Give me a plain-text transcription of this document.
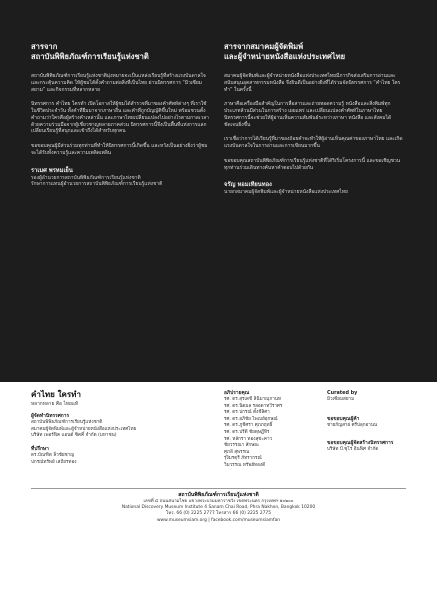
สารจาก

สถาบันพิพิธภัณฑ์การเรียนรู้แห่งชาติ

สถาบันพิพิธภัณฑ์การเรียนรู้แห่งชาติมุ่งหมายจะเป็นแหล่งเรียนรู้ที่สร้างแรงบันดาลใจและกระตุ้นความคิด ให้ผู้ชมได้ตั้งคำถามต่อสิ่งที่เป็นไทย ผ่านนิทรรศการ “มิวเซียมสยาม” และกิจกรรมที่หลากหลาย

นิทรรศการ คำไทย ใครทำ เปิดโอกาสให้ผู้ชมได้สำรวจที่มาของคำศัพท์ต่างๆ ที่เราใช้ในชีวิตประจำวัน ทั้งคำที่ยืมมาจากภาษาอื่น และคำที่ถูกบัญญัติขึ้นใหม่ พร้อมชวนตั้งคำถามว่าใครคือผู้สร้างคำเหล่านั้น และภาษาไทยเปลี่ยนแปลงไปอย่างไรตามกาลเวลา ด้วยความร่วมมือจากผู้เชี่ยวชาญหลายภาคส่วน นิทรรศการนี้จึงเป็นพื้นที่แห่งการแลกเปลี่ยนเรียนรู้ที่สนุกและเข้าถึงได้สำหรับทุกคน

ขอขอบคุณผู้มีส่วนร่วมทุกท่านที่ทำให้นิทรรศการนี้เกิดขึ้น และหวังเป็นอย่างยิ่งว่าผู้ชมจะได้รับทั้งความรู้และความเพลิดเพลิน

ราเมศ พรหมเย็น
รองผู้อำนวยการสถาบันพิพิธภัณฑ์การเรียนรู้แห่งชาติ
รักษาการแทนผู้อำนวยการสถาบันพิพิธภัณฑ์การเรียนรู้แห่งชาติ

สารจากสมาคมผู้จัดพิมพ์

และผู้จำหน่ายหนังสือแห่งประเทศไทย

สมาคมผู้จัดพิมพ์และผู้จำหน่ายหนังสือแห่งประเทศไทยมีภารกิจส่งเสริมการอ่านและสนับสนุนอุตสาหกรรมหนังสือ จึงยินดีเป็นอย่างยิ่งที่ได้ร่วมจัดนิทรรศการ “คำไทย ใครทำ” ในครั้งนี้

ภาษาคือเครื่องมือสำคัญในการสื่อสารและถ่ายทอดความรู้ หนังสือและสิ่งพิมพ์ทุกประเภทล้วนมีส่วนในการสร้าง เผยแพร่ และเปลี่ยนแปลงคำศัพท์ในภาษาไทย นิทรรศการนี้จะช่วยให้ผู้อ่านเห็นความสัมพันธ์ระหว่างภาษา หนังสือ และสังคมได้ชัดเจนยิ่งขึ้น

เราเชื่อว่าการได้เรียนรู้ที่มาของถ้อยคำจะทำให้ผู้อ่านเห็นคุณค่าของภาษาไทย และเกิดแรงบันดาลใจในการอ่านและการเขียนมากขึ้น

ขอขอบคุณสถาบันพิพิธภัณฑ์การเรียนรู้แห่งชาติที่ได้ริเริ่มโครงการนี้ และขอเชิญชวนทุกท่านร่วมเดินทางค้นหาคำตอบไปด้วยกัน

จรัญ หอมเทียนทอง
นายกสมาคมผู้จัดพิมพ์และผู้จำหน่ายหนังสือแห่งประเทศไทย
คำไทย ใครทำ
หลากหลาย คือ ไทยแท้
ผู้จัดทำนิทรรศการ
สถาบันพิพิธภัณฑ์การเรียนรู้แห่งชาติ
สมาคมผู้จัดพิมพ์และผู้จำหน่ายหนังสือแห่งประเทศไทย
บริษัท เพอร์ฟิค แอนด์ ซิคคิ์ จำกัด (มหาชน)
ที่ปรึกษา
ดร.บัณฑิต ลิ่วชัยชาญ
ปกรณ์ทรัพย์ เสถียรทอง
อภิปรายคุณ
รศ. ดร.สุรเดชี ลินิมาณุกานท
รศ. ดร.นิดมล รลอดาทวีราศร
รศ. ดร.ปกรณ์ ตั้งชีลิศา
รศ. ดร.อภิชัย ไพเบย์อุกษณ์
รศ. ดร.ภูชีศรา ศุภภฤทธิ์
รศ. ดร.ปรีดี ชัยดุษฎีทิร
รศ. หลักรา ทองสุข่ะคาว
ชัยวรรณา สักษยะ
ศุภลี สุพรรณ
รุ่งิมรดุรี ภัทรากรณ์
วิมวรรณ ทรัพย์ทองดี
Curated by
มิวเซียมสยาม
ขอขอบคุณผู้ค้า
ชายกัญสาฝ ศรีปลุกอานน
ขอขอบคุณผู้จัดสร้างนิทรรศการ
บริษัท บี.ซุโร่ อินฟิศ จำกัด
สถาบันพิพิธภัณฑ์การเรียนรู้แห่งชาติ
เลขที่ ๔ ถนนสนามไชย แขวงพระบรมมหาราชวัง เขตพระนคร กรุงเทพฯ ๑๐๒๐๐
National Discovery Museum Institute 4 Sanam Chai Road, Phra Nakhon, Bangkok 10200
โทร. 66 (0) 2225 2777 โทรสาร 66 (0) 2225 2775
www.museumsiam.org | facebook.com/museumsiamfan
